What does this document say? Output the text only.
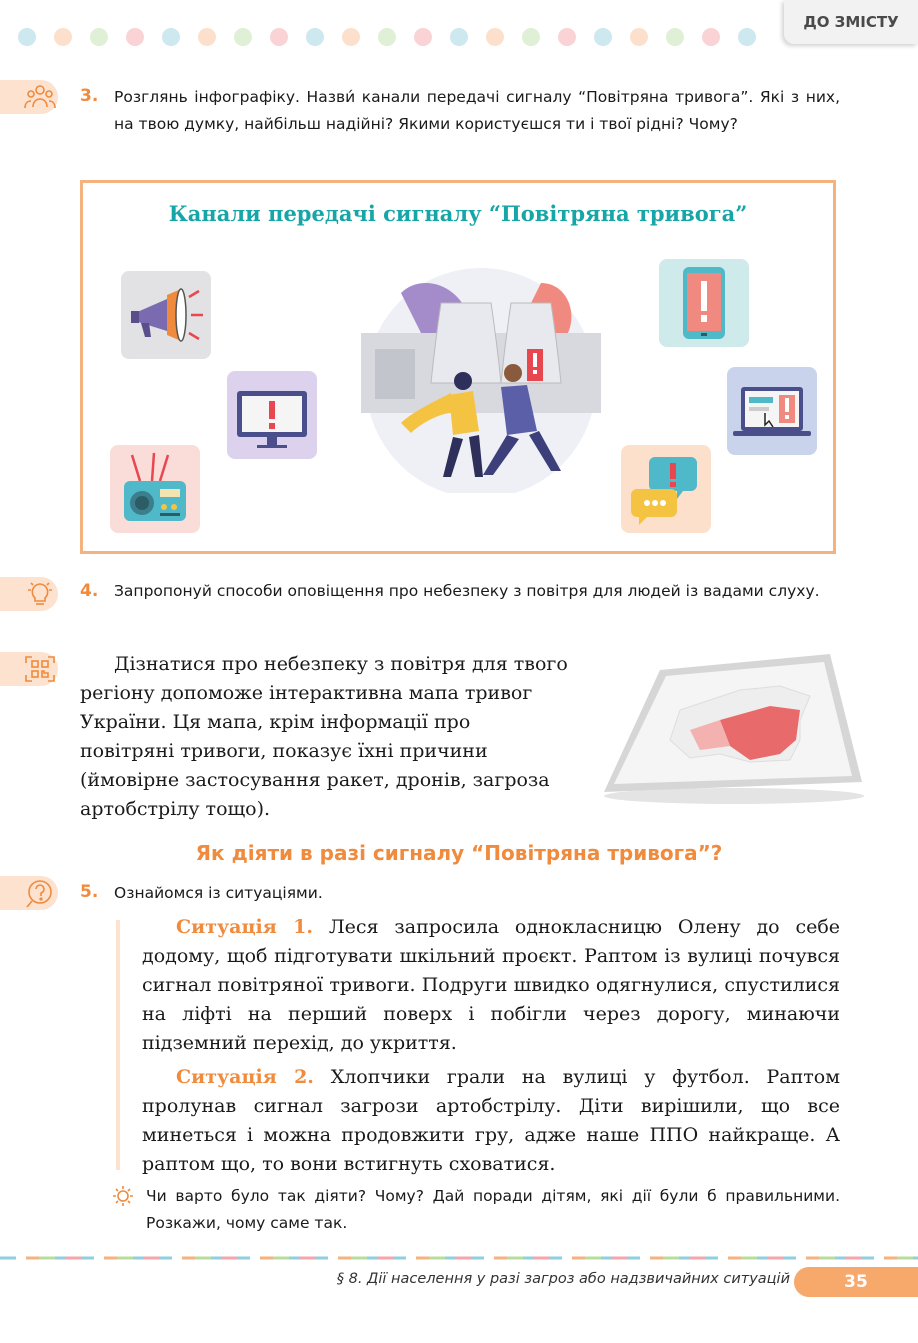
ДО ЗМІСТУ
3. Розглянь інфографіку. Назви́ канали передачі сигналу “Повітряна тривога”. Які з них, на твою думку, найбільш надійні? Якими користуєшся ти і твої рідні? Чому?
Канали передачі сигналу “Повітряна тривога”
4. Запропонуй способи оповіщення про небезпеку з повітря для людей із вадами слуху.
Дізнатися про небезпеку з повітря для твого регіону допоможе інтерактивна мапа тривог України. Ця мапа, крім інформації про повітряні тривоги, показує їхні причини (ймовірне застосування ракет, дронів, загроза артобстрілу тощо).
Як діяти в разі сигналу “Повітряна тривога”?
5. Ознайомся із ситуаціями.
Ситуація 1. Леся запросила однокласницю Олену до себе додому, щоб підготувати шкільний проєкт. Раптом із вулиці почувся сигнал повітряної тривоги. Подруги швидко одягнулися, спустилися на ліфті на перший поверх і побігли через дорогу, минаючи підземний перехід, до укриття.
Ситуація 2. Хлопчики грали на вулиці у футбол. Раптом пролунав сигнал загрози артобстрілу. Діти вирішили, що все минеться і можна продовжити гру, адже наше ППО найкраще. А раптом що, то вони встигнуть сховатися.
Чи варто було так діяти? Чому? Дай поради дітям, які дії були б правильними. Розкажи, чому саме так.
§ 8. Дії населення у разі загроз або надзвичайних ситуацій	35
